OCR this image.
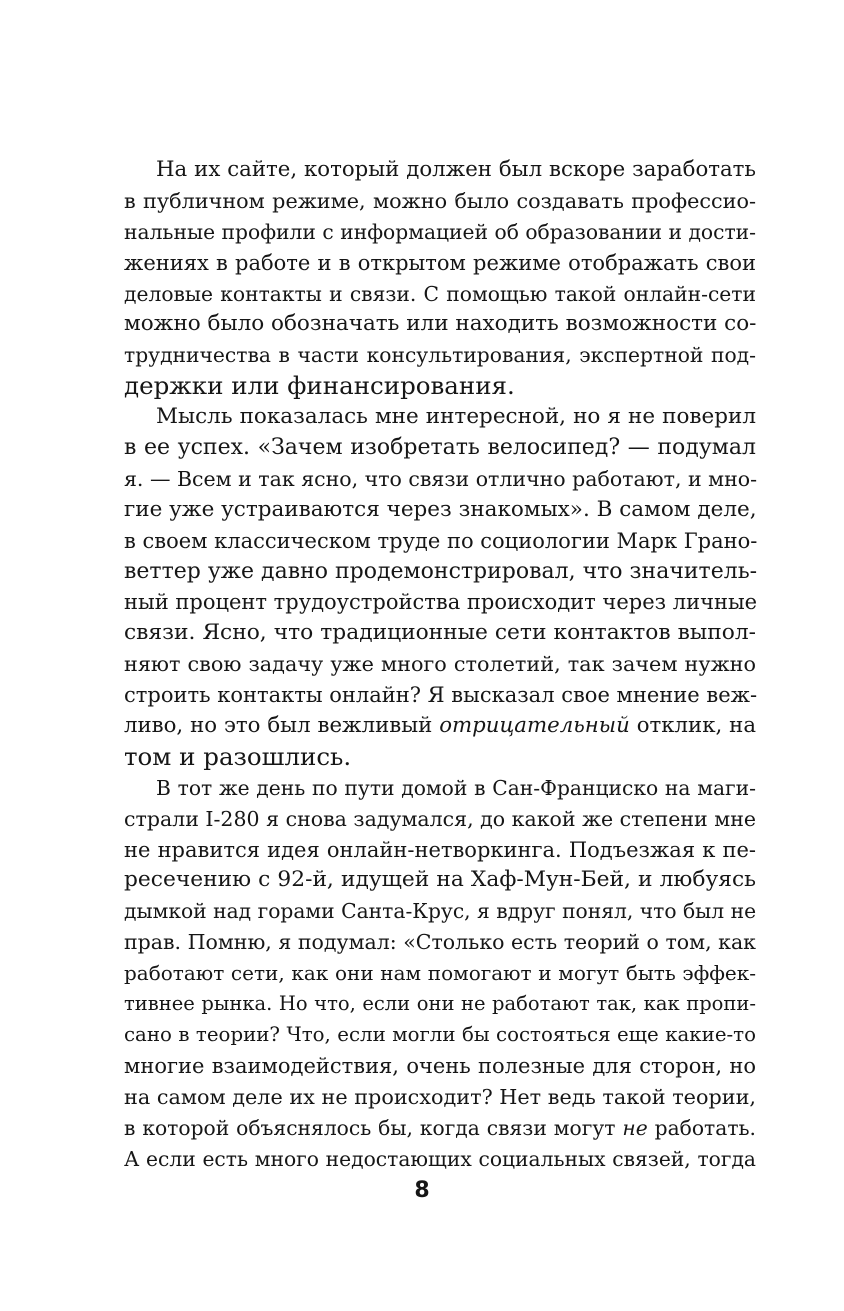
На их сайте, который должен был вскоре заработать
в публичном режиме, можно было создавать профессио-
нальные профили с информацией об образовании и дости-
жениях в работе и в открытом режиме отображать свои
деловые контакты и связи. С помощью такой онлайн-сети
можно было обозначать или находить возможности со-
трудничества в части консультирования, экспертной под-
держки или финансирования.
Мысль показалась мне интересной, но я не поверил
в ее успех. «Зачем изобретать велосипед? — подумал
я. — Всем и так ясно, что связи отлично работают, и мно-
гие уже устраиваются через знакомых». В самом деле,
в своем классическом труде по социологии Марк Грано-
веттер уже давно продемонстрировал, что значитель-
ный процент трудоустройства происходит через личные
связи. Ясно, что традиционные сети контактов выпол-
няют свою задачу уже много столетий, так зачем нужно
строить контакты онлайн? Я высказал свое мнение веж-
ливо, но это был вежливый отрицательный отклик, на
том и разошлись.
В тот же день по пути домой в Сан-Франциско на маги-
страли I-280 я снова задумался, до какой же степени мне
не нравится идея онлайн-нетворкинга. Подъезжая к пе-
ресечению с 92-й, идущей на Хаф-Мун-Бей, и любуясь
дымкой над горами Санта-Крус, я вдруг понял, что был не
прав. Помню, я подумал: «Столько есть теорий о том, как
работают сети, как они нам помогают и могут быть эффек-
тивнее рынка. Но что, если они не работают так, как пропи-
сано в теории? Что, если могли бы состояться еще какие-то
многие взаимодействия, очень полезные для сторон, но
на самом деле их не происходит? Нет ведь такой теории,
в которой объяснялось бы, когда связи могут не работать.
А если есть много недостающих социальных связей, тогда
8
